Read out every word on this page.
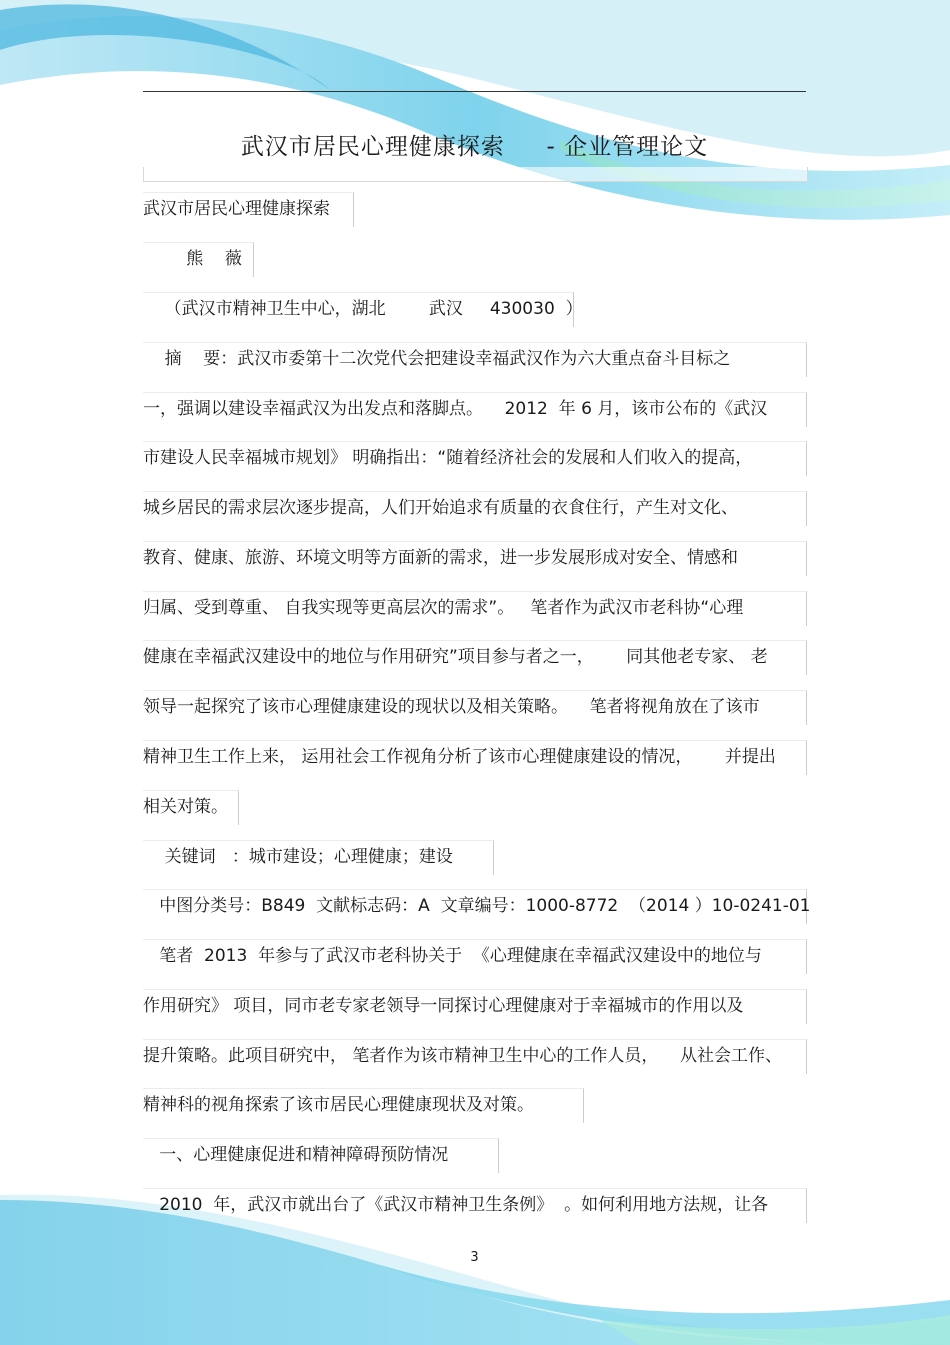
武汉市居民心理健康探索     - 企业管理论文
武汉市居民心理健康探索
熊    薇
（武汉市精神卫生中心，湖北        武汉     430030  ）
摘    要：武汉市委第十二次党代会把建设幸福武汉作为六大重点奋斗目标之
一，强调以建设幸福武汉为出发点和落脚点。    2012  年 6 月，该市公布的《武汉
市建设人民幸福城市规划》 明确指出：“随着经济社会的发展和人们收入的提高，
城乡居民的需求层次逐步提高，人们开始追求有质量的衣食住行，产生对文化、
教育、健康、旅游、环境文明等方面新的需求，进一步发展形成对安全、情感和
归属、受到尊重、 自我实现等更高层次的需求”。   笔者作为武汉市老科协“心理
健康在幸福武汉建设中的地位与作用研究”项目参与者之一，      同其他老专家、 老
领导一起探究了该市心理健康建设的现状以及相关策略。    笔者将视角放在了该市
精神卫生工作上来， 运用社会工作视角分析了该市心理健康建设的情况，      并提出
相关对策。
关键词   ：城市建设；心理健康；建设
中图分类号：B849  文献标志码：A  文章编号：1000-8772  （2014 ）10-0241-01
笔者  2013  年参与了武汉市老科协关于  《心理健康在幸福武汉建设中的地位与
作用研究》 项目，同市老专家老领导一同探讨心理健康对于幸福城市的作用以及
提升策略。此项目研究中， 笔者作为该市精神卫生中心的工作人员，    从社会工作、
精神科的视角探索了该市居民心理健康现状及对策。
一、心理健康促进和精神障碍预防情况
2010  年，武汉市就出台了《武汉市精神卫生条例》  。如何利用地方法规，让各
3
